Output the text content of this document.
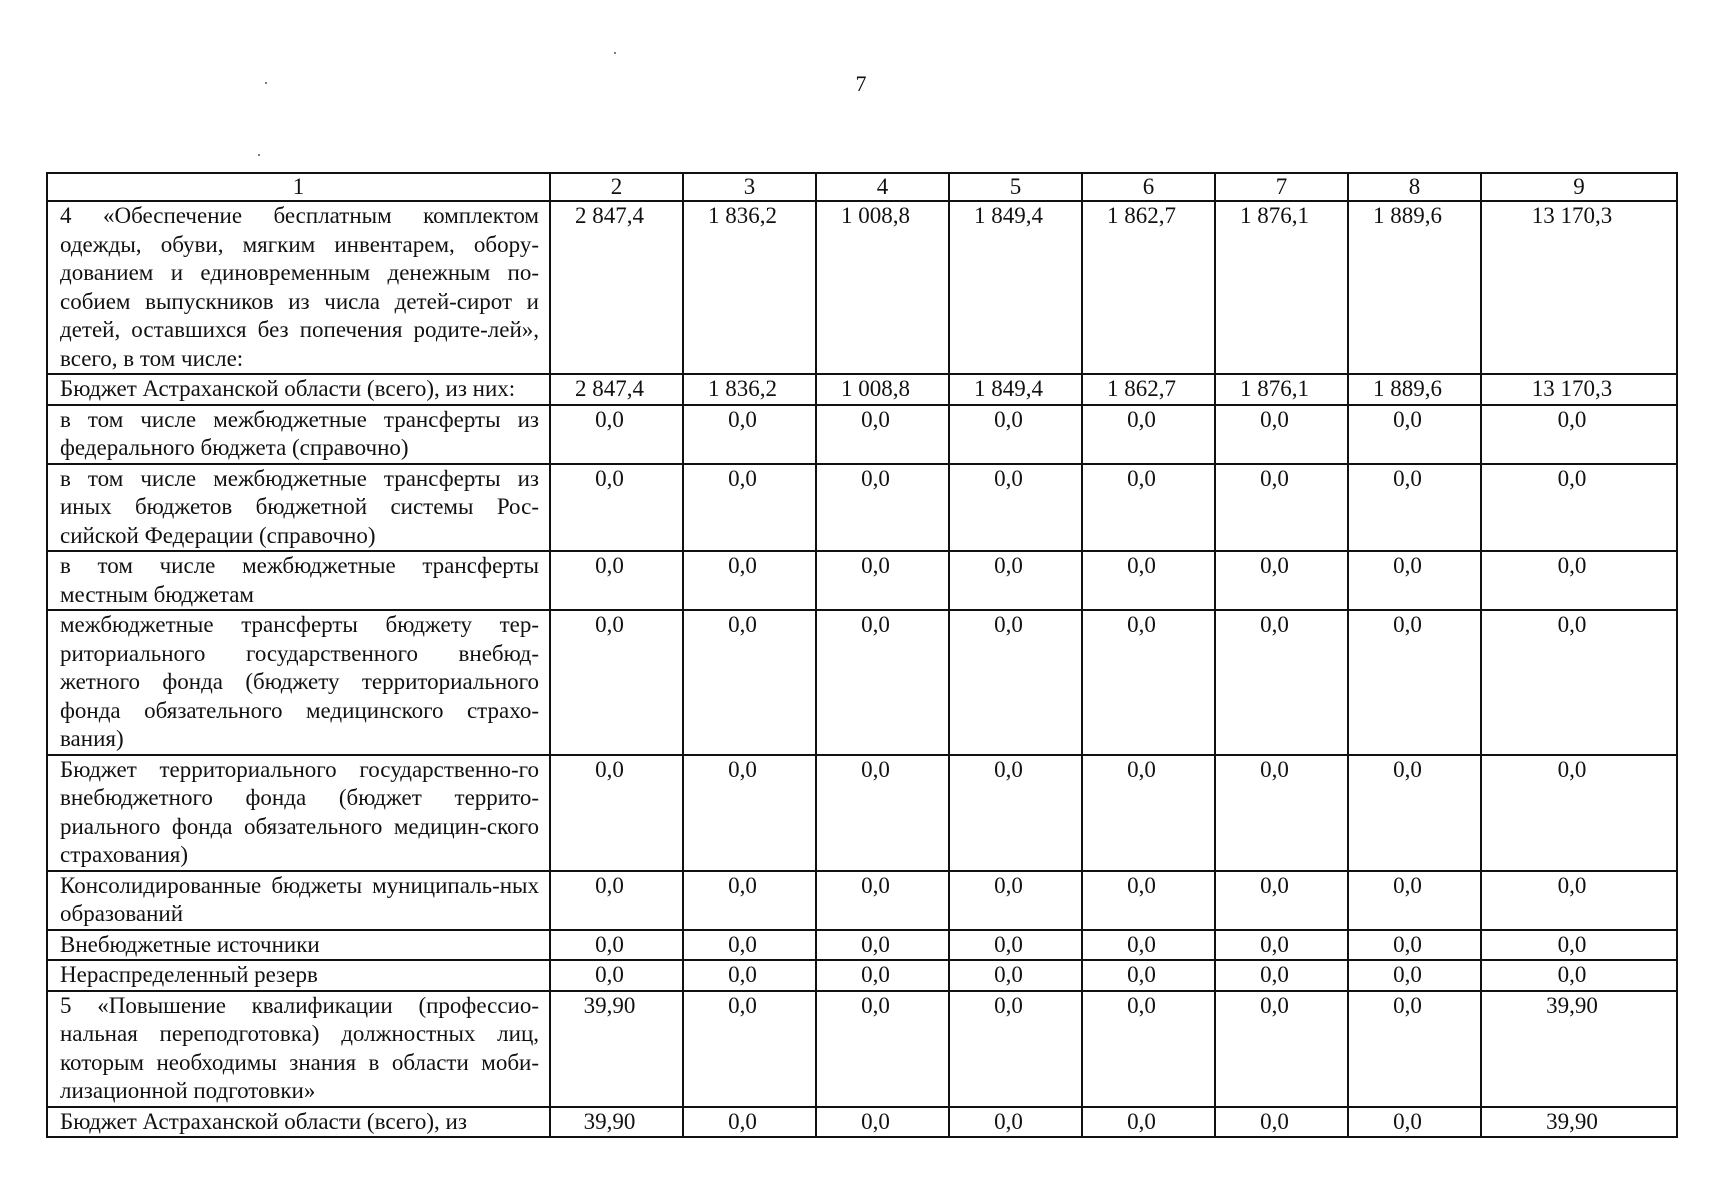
7
1	2	3	4	5	6	7	8	9
4 «Обеспечение бесплатным комплектом одежды, обуви, мягким инвентарем, обору-дованием и единовременным денежным по-собием выпускников из числа детей-сирот и детей, оставшихся без попечения родите-лей», всего, в том числе:	2 847,4	1 836,2	1 008,8	1 849,4	1 862,7	1 876,1	1 889,6	13 170,3
Бюджет Астраханской области (всего), из них:	2 847,4	1 836,2	1 008,8	1 849,4	1 862,7	1 876,1	1 889,6	13 170,3
в том числе межбюджетные трансферты из федерального бюджета (справочно)	0,0	0,0	0,0	0,0	0,0	0,0	0,0	0,0
в том числе межбюджетные трансферты из иных бюджетов бюджетной системы Рос-сийской Федерации (справочно)	0,0	0,0	0,0	0,0	0,0	0,0	0,0	0,0
в том числе межбюджетные трансферты местным бюджетам	0,0	0,0	0,0	0,0	0,0	0,0	0,0	0,0
межбюджетные трансферты бюджету тер-риториального государственного внебюд-жетного фонда (бюджету территориального фонда обязательного медицинского страхо-вания)	0,0	0,0	0,0	0,0	0,0	0,0	0,0	0,0
Бюджет территориального государственно-го внебюджетного фонда (бюджет террито-риального фонда обязательного медицин-ского страхования)	0,0	0,0	0,0	0,0	0,0	0,0	0,0	0,0
Консолидированные бюджеты муниципаль-ных образований	0,0	0,0	0,0	0,0	0,0	0,0	0,0	0,0
Внебюджетные источники	0,0	0,0	0,0	0,0	0,0	0,0	0,0	0,0
Нераспределенный резерв	0,0	0,0	0,0	0,0	0,0	0,0	0,0	0,0
5 «Повышение квалификации (профессио-нальная переподготовка) должностных лиц, которым необходимы знания в области моби-лизационной подготовки»	39,90	0,0	0,0	0,0	0,0	0,0	0,0	39,90
Бюджет Астраханской области (всего), из	39,90	0,0	0,0	0,0	0,0	0,0	0,0	39,90
